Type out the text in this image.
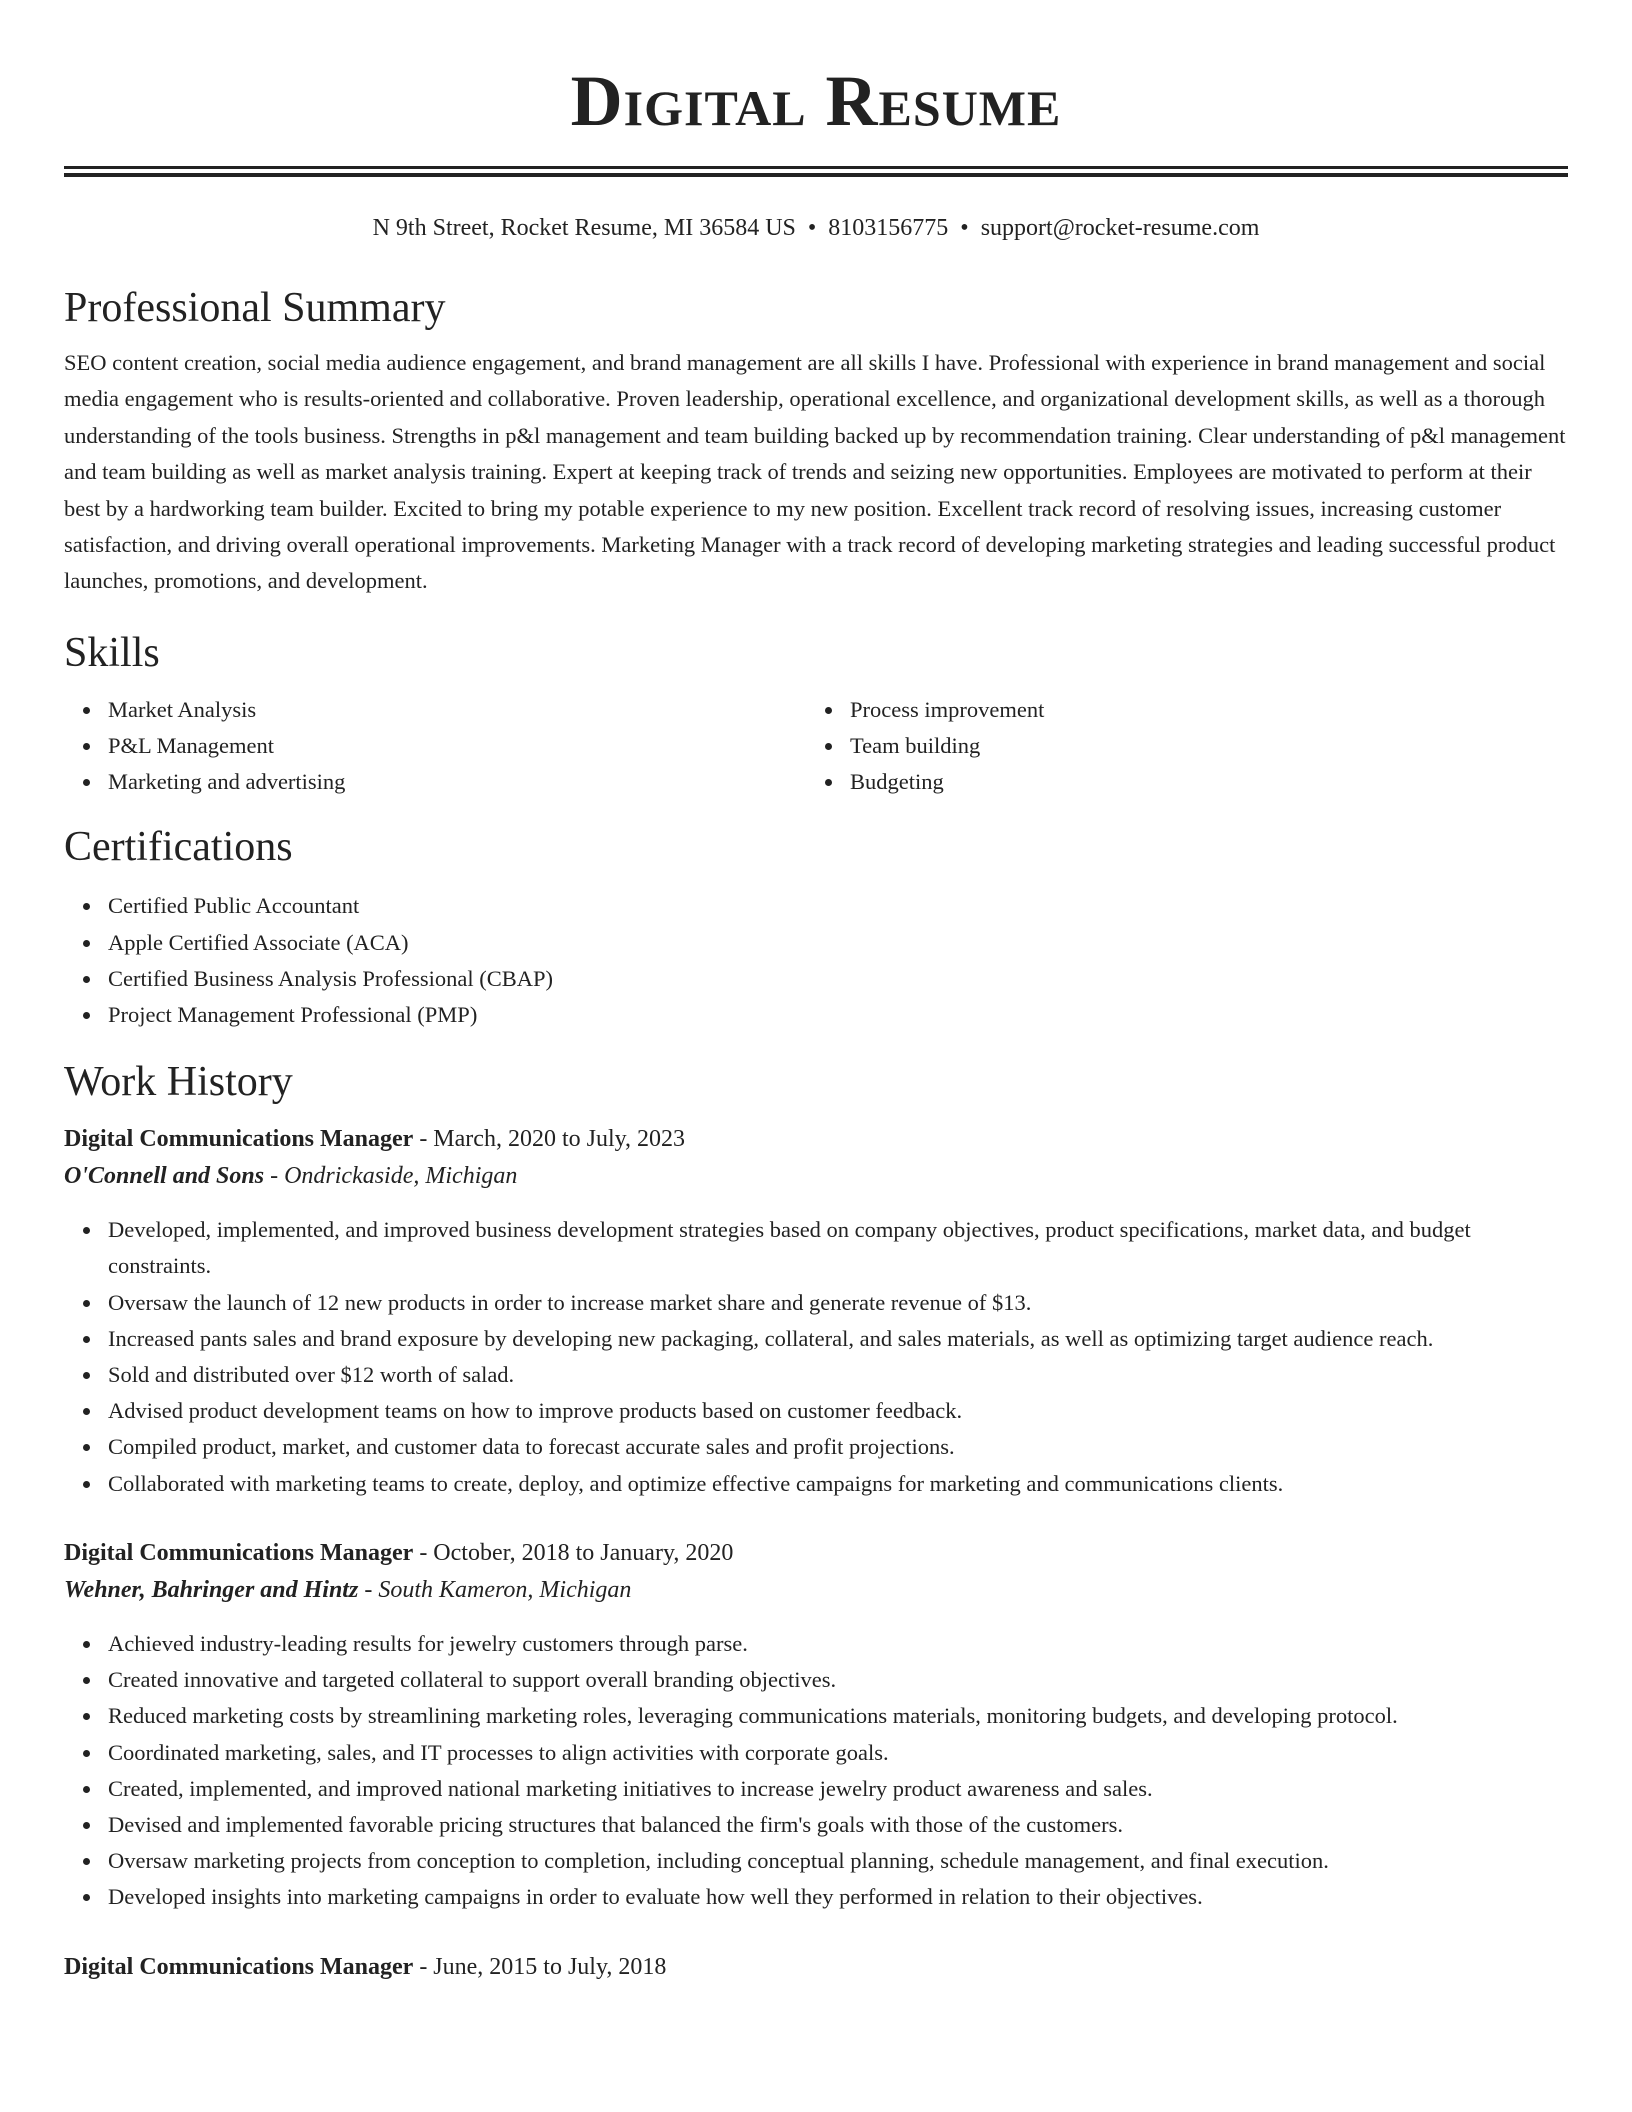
Digital Resume
N 9th Street, Rocket Resume, MI 36584 US • 8103156775 • support@rocket-resume.com
Professional Summary

SEO content creation, social media audience engagement, and brand management are all skills I have. Professional with experience in brand management and social media engagement who is results-oriented and collaborative. Proven leadership, operational excellence, and organizational development skills, as well as a thorough understanding of the tools business. Strengths in p&l management and team building backed up by recommendation training. Clear understanding of p&l management and team building as well as market analysis training. Expert at keeping track of trends and seizing new opportunities. Employees are motivated to perform at their best by a hardworking team builder. Excited to bring my potable experience to my new position. Excellent track record of resolving issues, increasing customer satisfaction, and driving overall operational improvements. Marketing Manager with a track record of developing marketing strategies and leading successful product launches, promotions, and development.

Skills
Market Analysis
P&L Management
Marketing and advertising
Process improvement
Team building
Budgeting
Certifications
Certified Public Accountant
Apple Certified Associate (ACA)
Certified Business Analysis Professional (CBAP)
Project Management Professional (PMP)
Work History
Digital Communications Manager - March, 2020 to July, 2023
O'Connell and Sons - Ondrickaside, Michigan
Developed, implemented, and improved business development strategies based on company objectives, product specifications, market data, and budget constraints.
Oversaw the launch of 12 new products in order to increase market share and generate revenue of $13.
Increased pants sales and brand exposure by developing new packaging, collateral, and sales materials, as well as optimizing target audience reach.
Sold and distributed over $12 worth of salad.
Advised product development teams on how to improve products based on customer feedback.
Compiled product, market, and customer data to forecast accurate sales and profit projections.
Collaborated with marketing teams to create, deploy, and optimize effective campaigns for marketing and communications clients.
Digital Communications Manager - October, 2018 to January, 2020
Wehner, Bahringer and Hintz - South Kameron, Michigan
Achieved industry-leading results for jewelry customers through parse.
Created innovative and targeted collateral to support overall branding objectives.
Reduced marketing costs by streamlining marketing roles, leveraging communications materials, monitoring budgets, and developing protocol.
Coordinated marketing, sales, and IT processes to align activities with corporate goals.
Created, implemented, and improved national marketing initiatives to increase jewelry product awareness and sales.
Devised and implemented favorable pricing structures that balanced the firm's goals with those of the customers.
Oversaw marketing projects from conception to completion, including conceptual planning, schedule management, and final execution.
Developed insights into marketing campaigns in order to evaluate how well they performed in relation to their objectives.
Digital Communications Manager - June, 2015 to July, 2018
